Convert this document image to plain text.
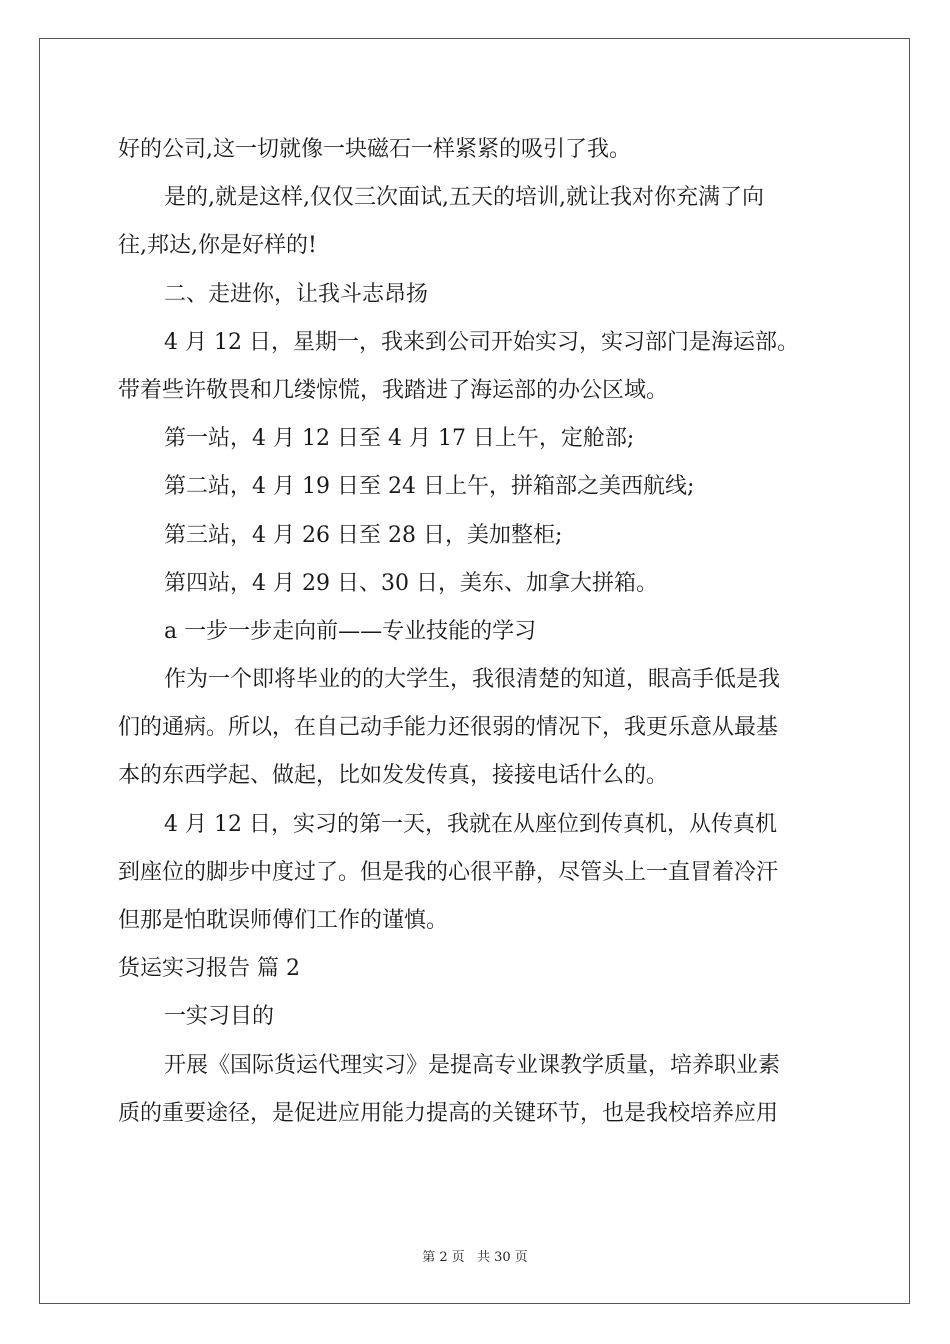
好的公司,这一切就像一块磁石一样紧紧的吸引了我。
是的,就是这样,仅仅三次面试,五天的培训,就让我对你充满了向
往,邦达,你是好样的!
二、走进你，让我斗志昂扬
4 月 12 日，星期一，我来到公司开始实习，实习部门是海运部。
带着些许敬畏和几缕惊慌，我踏进了海运部的办公区域。
第一站，4 月 12 日至 4 月 17 日上午，定舱部;
第二站，4 月 19 日至 24 日上午，拼箱部之美西航线;
第三站，4 月 26 日至 28 日，美加整柜;
第四站，4 月 29 日、30 日，美东、加拿大拼箱。
a 一步一步走向前——专业技能的学习
作为一个即将毕业的的大学生，我很清楚的知道，眼高手低是我
们的通病。所以，在自己动手能力还很弱的情况下，我更乐意从最基
本的东西学起、做起，比如发发传真，接接电话什么的。
4 月 12 日，实习的第一天，我就在从座位到传真机，从传真机
到座位的脚步中度过了。但是我的心很平静，尽管头上一直冒着冷汗
但那是怕耽误师傅们工作的谨慎。
货运实习报告 篇 2
一实习目的
开展《国际货运代理实习》是提高专业课教学质量，培养职业素
质的重要途径，是促进应用能力提高的关键环节，也是我校培养应用
第 2 页 共 30 页
